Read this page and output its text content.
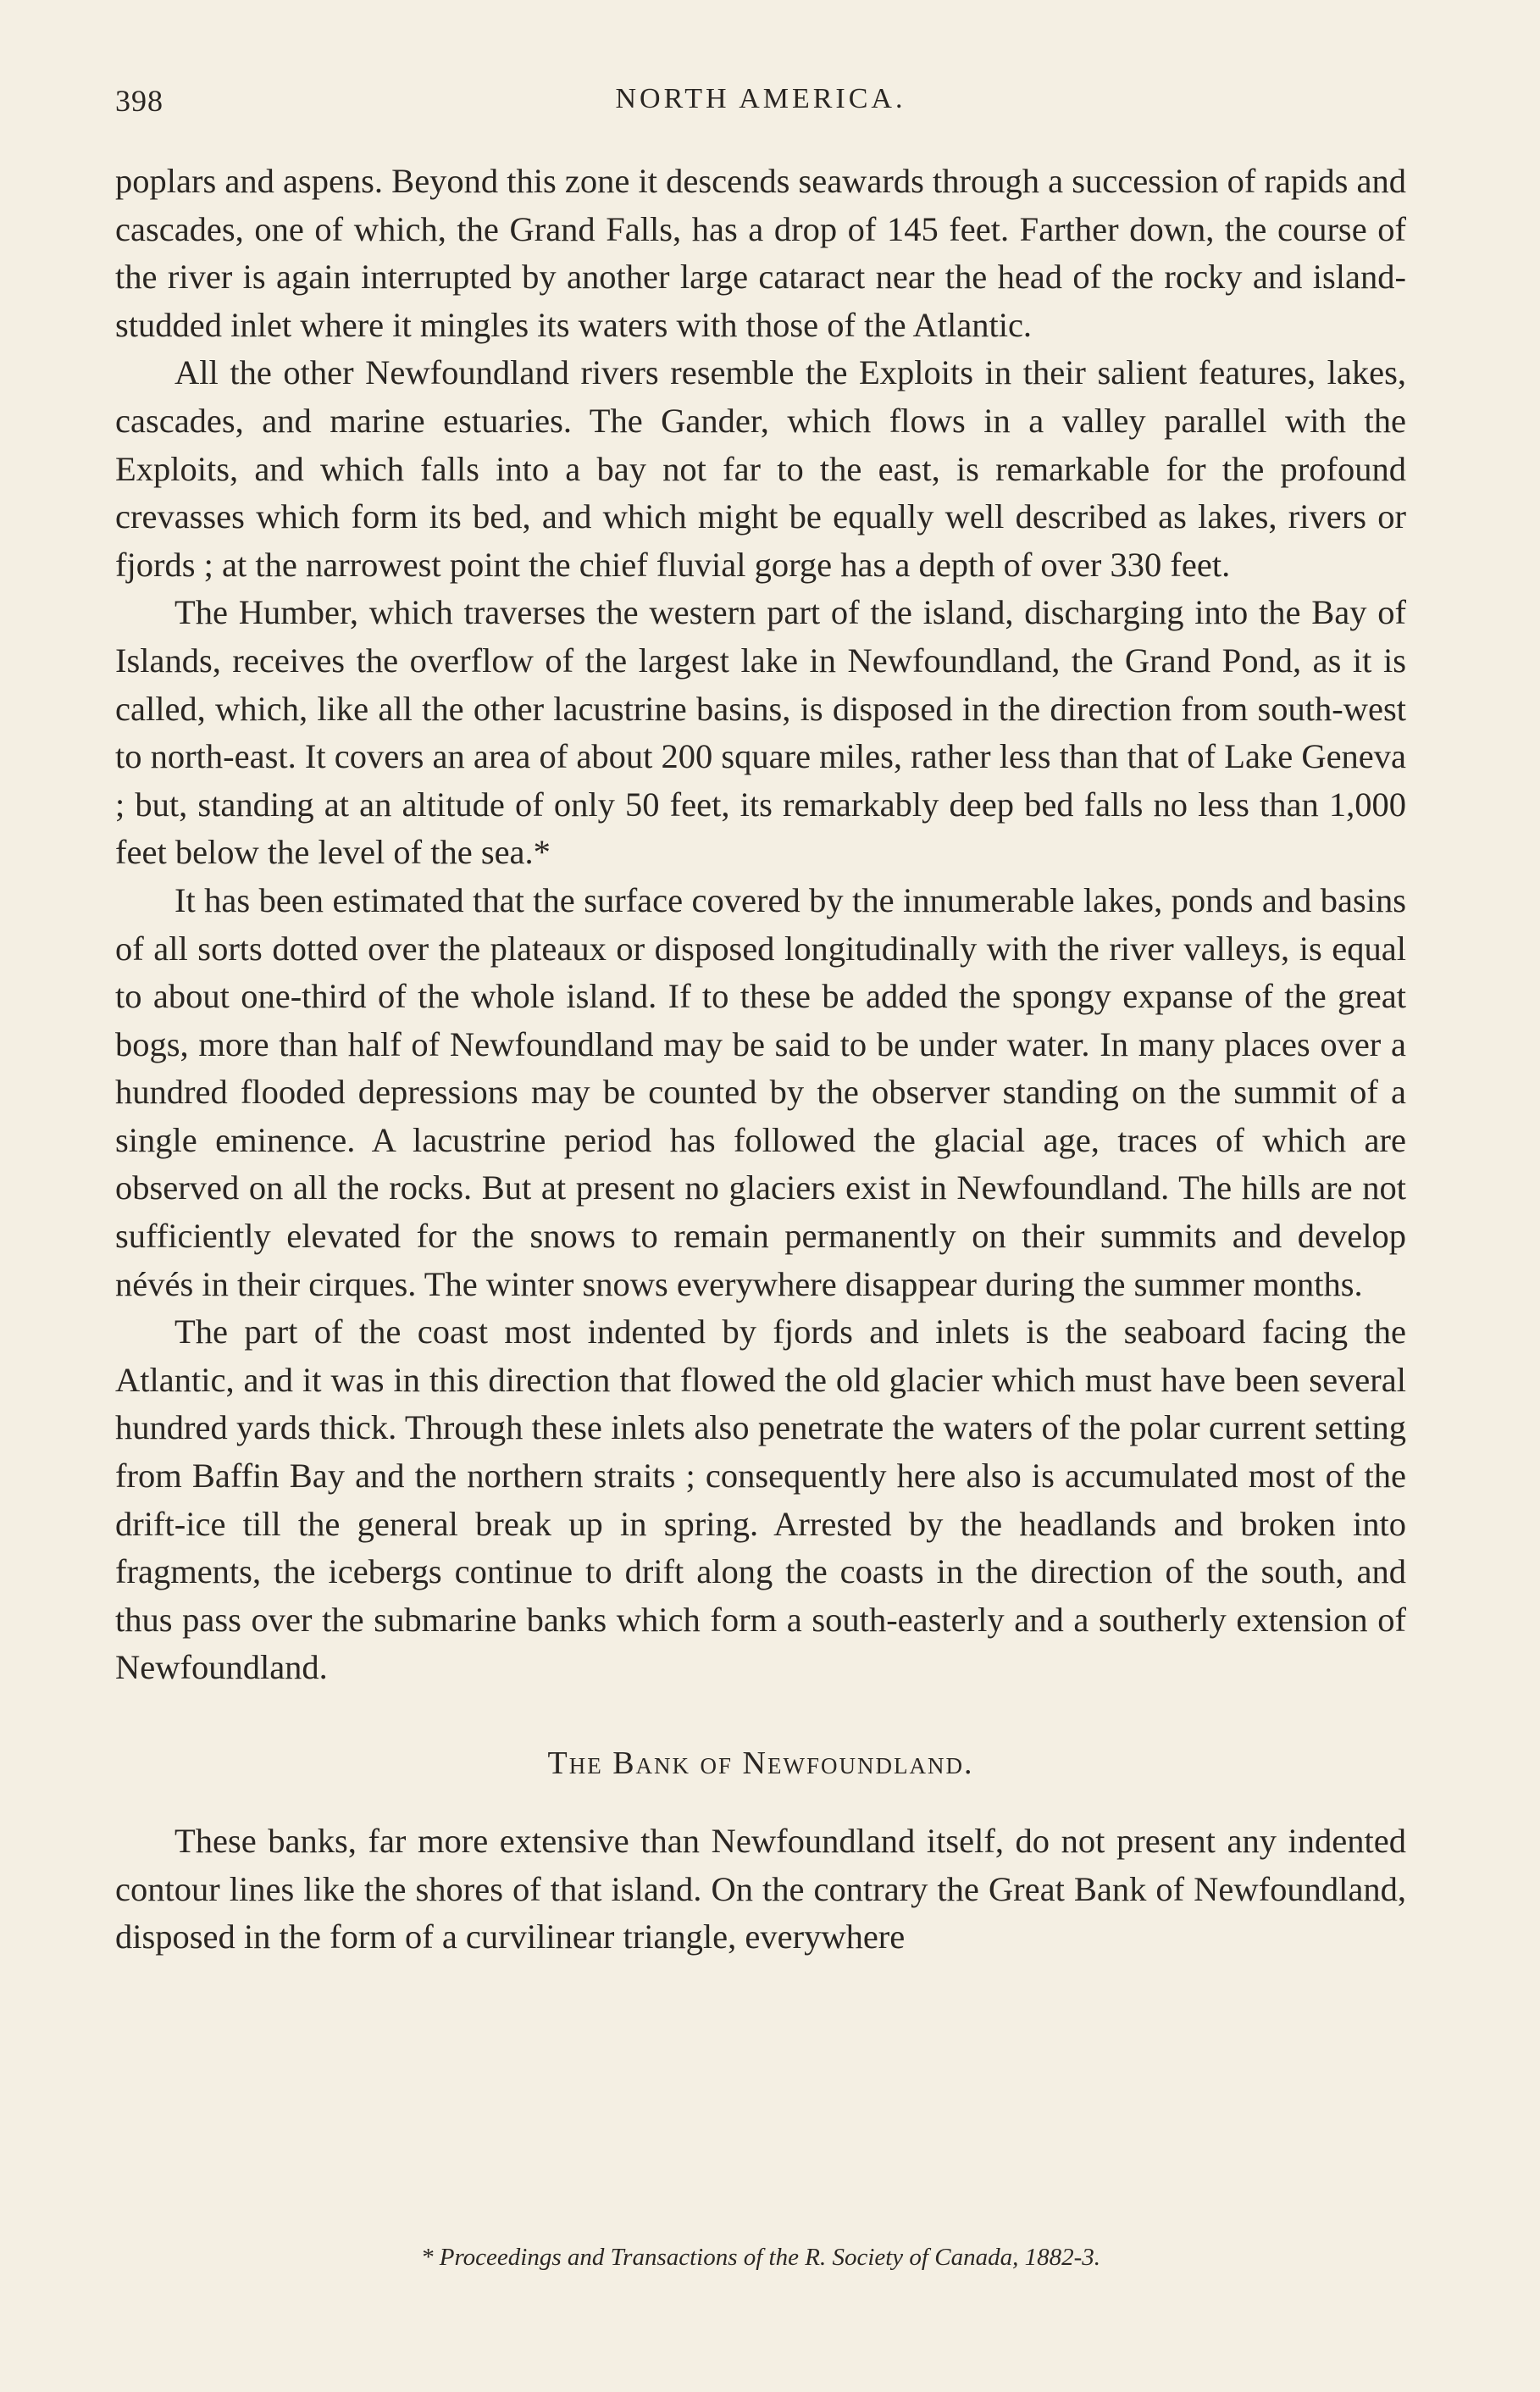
398	NORTH AMERICA.

poplars and aspens. Beyond this zone it descends seawards through a succession of rapids and cascades, one of which, the Grand Falls, has a drop of 145 feet. Farther down, the course of the river is again interrupted by another large cataract near the head of the rocky and island-studded inlet where it mingles its waters with those of the Atlantic.

All the other Newfoundland rivers resemble the Exploits in their salient features, lakes, cascades, and marine estuaries. The Gander, which flows in a valley parallel with the Exploits, and which falls into a bay not far to the east, is remarkable for the profound crevasses which form its bed, and which might be equally well described as lakes, rivers or fjords ; at the narrowest point the chief fluvial gorge has a depth of over 330 feet.

The Humber, which traverses the western part of the island, discharging into the Bay of Islands, receives the overflow of the largest lake in Newfoundland, the Grand Pond, as it is called, which, like all the other lacustrine basins, is disposed in the direction from south-west to north-east. It covers an area of about 200 square miles, rather less than that of Lake Geneva ; but, standing at an altitude of only 50 feet, its remarkably deep bed falls no less than 1,000 feet below the level of the sea.*

It has been estimated that the surface covered by the innumerable lakes, ponds and basins of all sorts dotted over the plateaux or disposed longitudinally with the river valleys, is equal to about one-third of the whole island. If to these be added the spongy expanse of the great bogs, more than half of Newfoundland may be said to be under water. In many places over a hundred flooded depressions may be counted by the observer standing on the summit of a single eminence. A lacustrine period has followed the glacial age, traces of which are observed on all the rocks. But at present no glaciers exist in Newfoundland. The hills are not sufficiently elevated for the snows to remain permanently on their summits and develop névés in their cirques. The winter snows everywhere disappear during the summer months.

The part of the coast most indented by fjords and inlets is the seaboard facing the Atlantic, and it was in this direction that flowed the old glacier which must have been several hundred yards thick. Through these inlets also penetrate the waters of the polar current setting from Baffin Bay and the northern straits ; consequently here also is accumulated most of the drift-ice till the general break up in spring. Arrested by the headlands and broken into fragments, the icebergs continue to drift along the coasts in the direction of the south, and thus pass over the submarine banks which form a south-easterly and a southerly extension of Newfoundland.

The Bank of Newfoundland.

These banks, far more extensive than Newfoundland itself, do not present any indented contour lines like the shores of that island. On the contrary the Great Bank of Newfoundland, disposed in the form of a curvilinear triangle, everywhere

* Proceedings and Transactions of the R. Society of Canada, 1882-3.
